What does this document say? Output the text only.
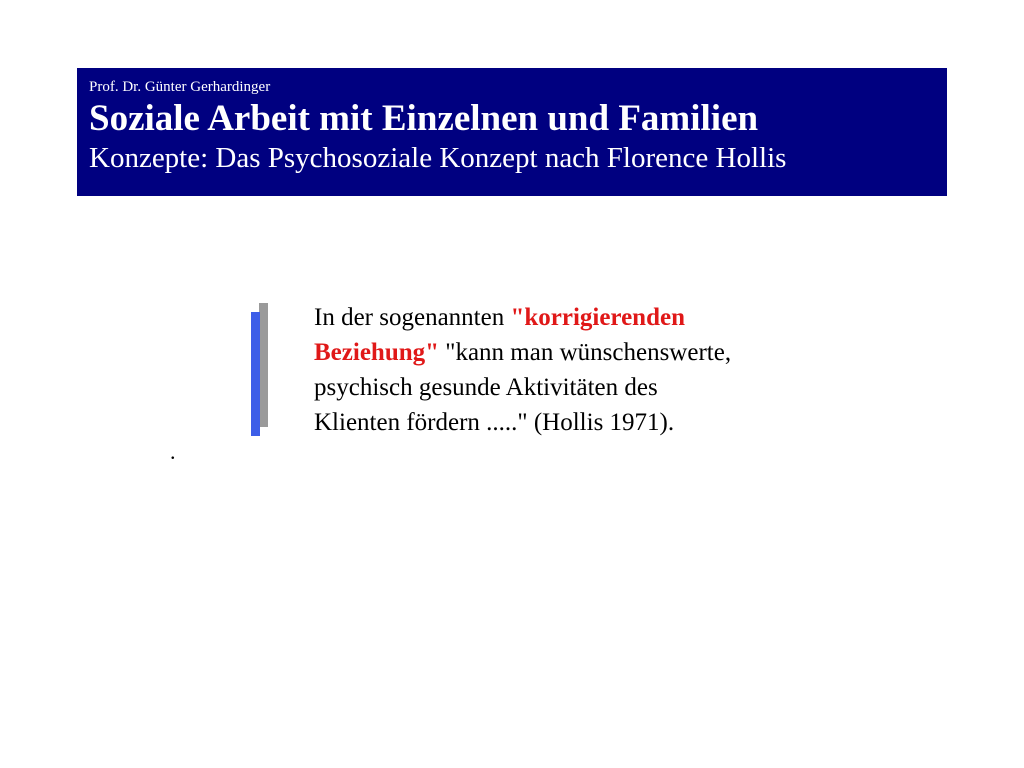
Prof. Dr. Günter Gerhardinger
Soziale Arbeit mit Einzelnen und Familien
Konzepte: Das Psychosoziale Konzept nach Florence Hollis
In der sogenannten "korrigierenden
Beziehung" "kann man wünschenswerte,
psychisch gesunde Aktivitäten des
Klienten fördern ....." (Hollis 1971).
.
